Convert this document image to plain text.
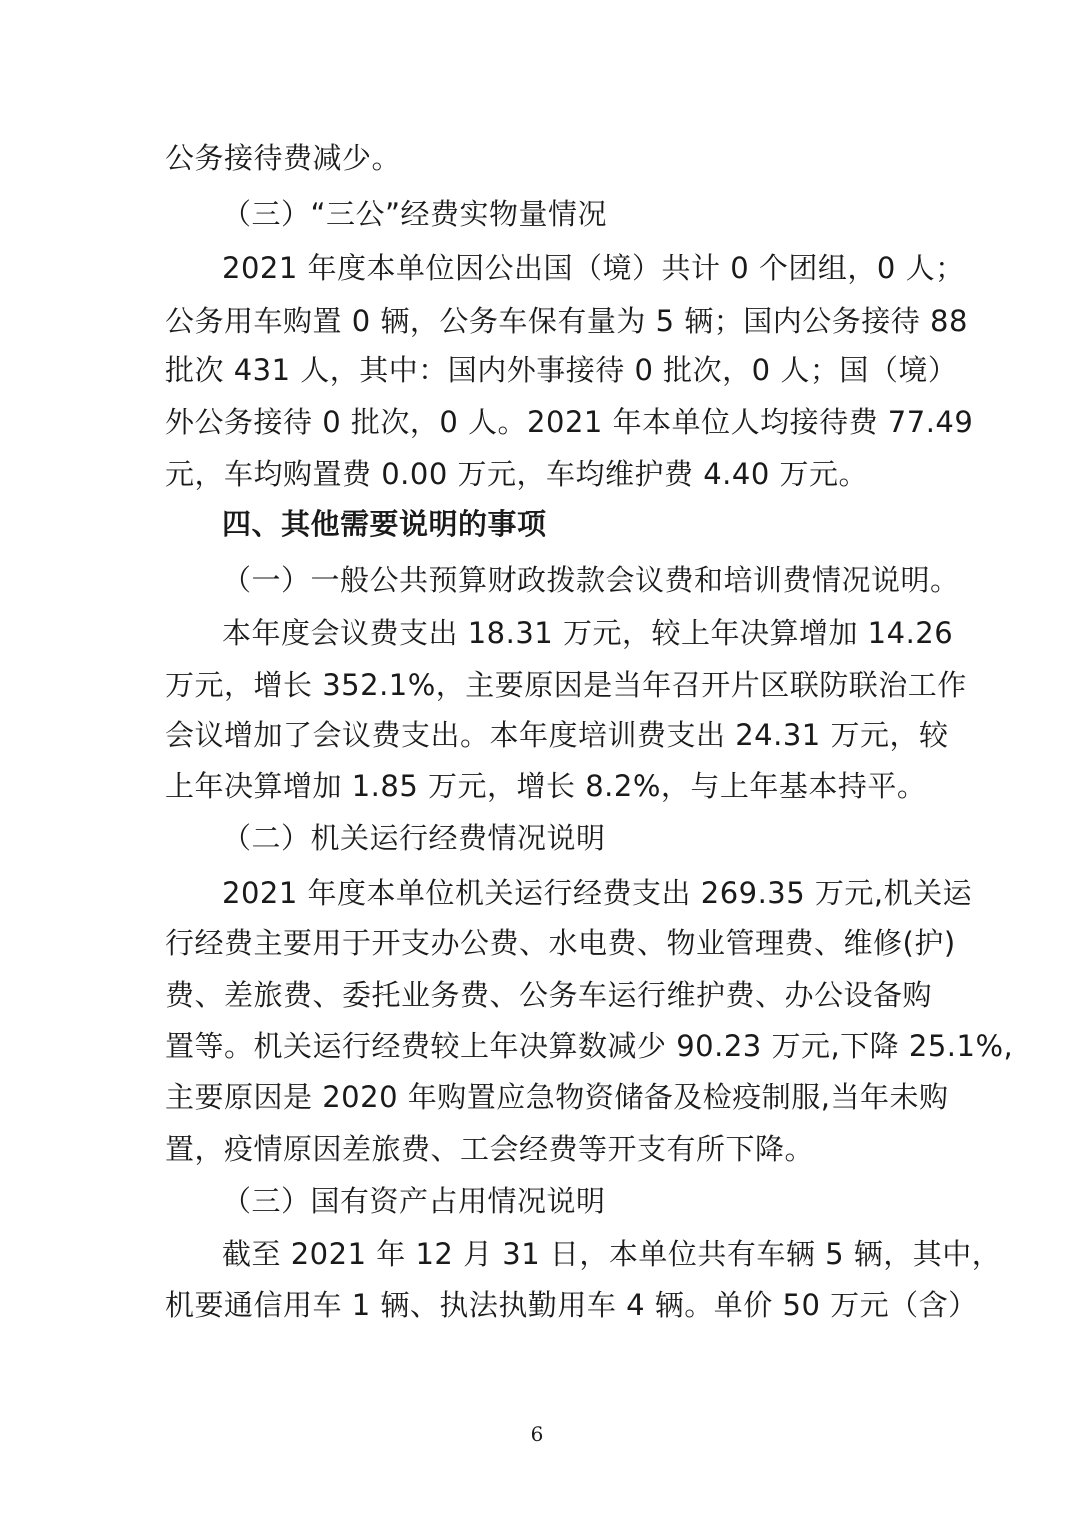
公务接待费减少。
（三）“三公”经费实物量情况
2021 年度本单位因公出国（境）共计 0 个团组，0 人；
公务用车购置 0 辆，公务车保有量为 5 辆；国内公务接待 88
批次 431 人，其中：国内外事接待 0 批次，0 人；国（境）
外公务接待 0 批次，0 人。2021 年本单位人均接待费 77.49
元，车均购置费 0.00 万元，车均维护费 4.40 万元。
四、其他需要说明的事项
（一）一般公共预算财政拨款会议费和培训费情况说明。
本年度会议费支出 18.31 万元，较上年决算增加 14.26
万元，增长 352.1%，主要原因是当年召开片区联防联治工作
会议增加了会议费支出。本年度培训费支出 24.31 万元，较
上年决算增加 1.85 万元，增长 8.2%，与上年基本持平。
（二）机关运行经费情况说明
2021 年度本单位机关运行经费支出 269.35 万元,机关运
行经费主要用于开支办公费、水电费、物业管理费、维修(护)
费、差旅费、委托业务费、公务车运行维护费、办公设备购
置等。机关运行经费较上年决算数减少 90.23 万元,下降 25.1%,
主要原因是 2020 年购置应急物资储备及检疫制服,当年未购
置，疫情原因差旅费、工会经费等开支有所下降。
（三）国有资产占用情况说明
截至 2021 年 12 月 31 日，本单位共有车辆 5 辆，其中，
机要通信用车 1 辆、执法执勤用车 4 辆。单价 50 万元（含）
6
